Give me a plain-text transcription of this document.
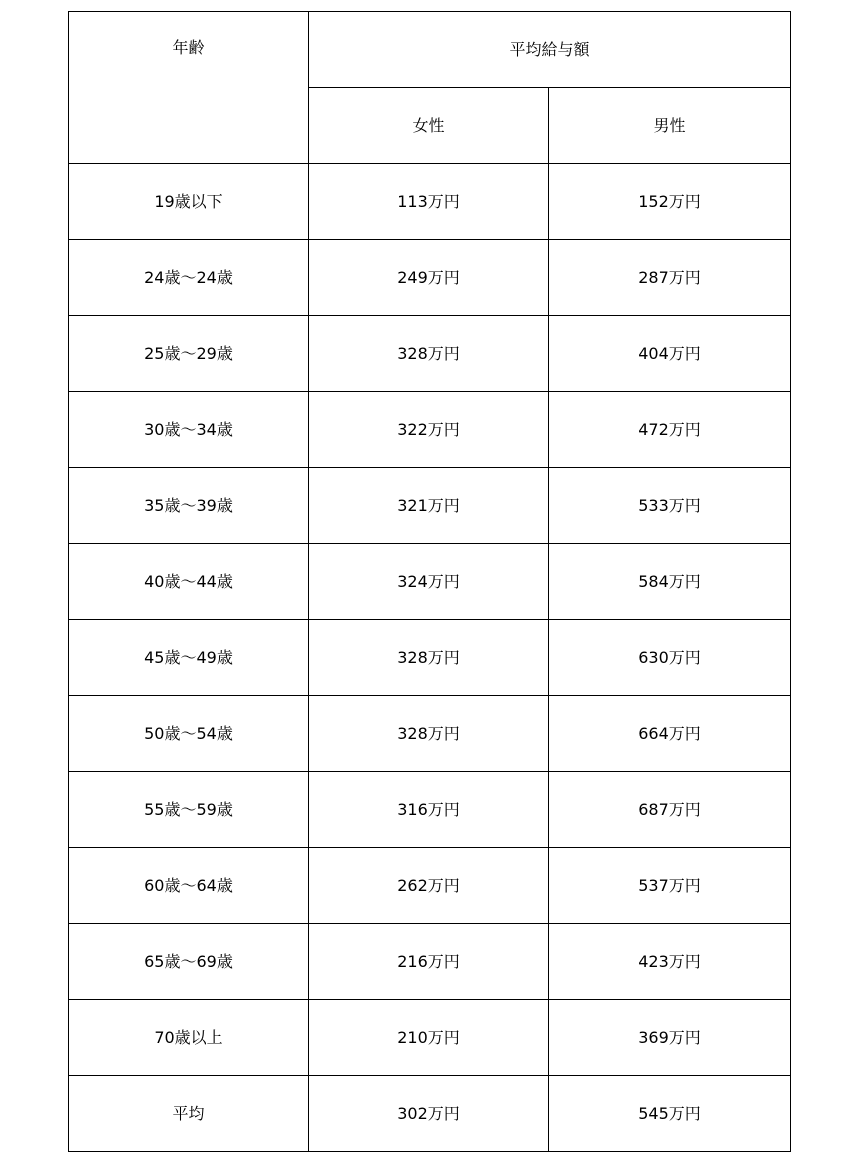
年齢	平均給与額	
	女性	男性
19歳以下	113万円	152万円
24歳～24歳	249万円	287万円
25歳～29歳	328万円	404万円
30歳～34歳	322万円	472万円
35歳～39歳	321万円	533万円
40歳～44歳	324万円	584万円
45歳～49歳	328万円	630万円
50歳～54歳	328万円	664万円
55歳～59歳	316万円	687万円
60歳～64歳	262万円	537万円
65歳～69歳	216万円	423万円
70歳以上	210万円	369万円
平均	302万円	545万円
